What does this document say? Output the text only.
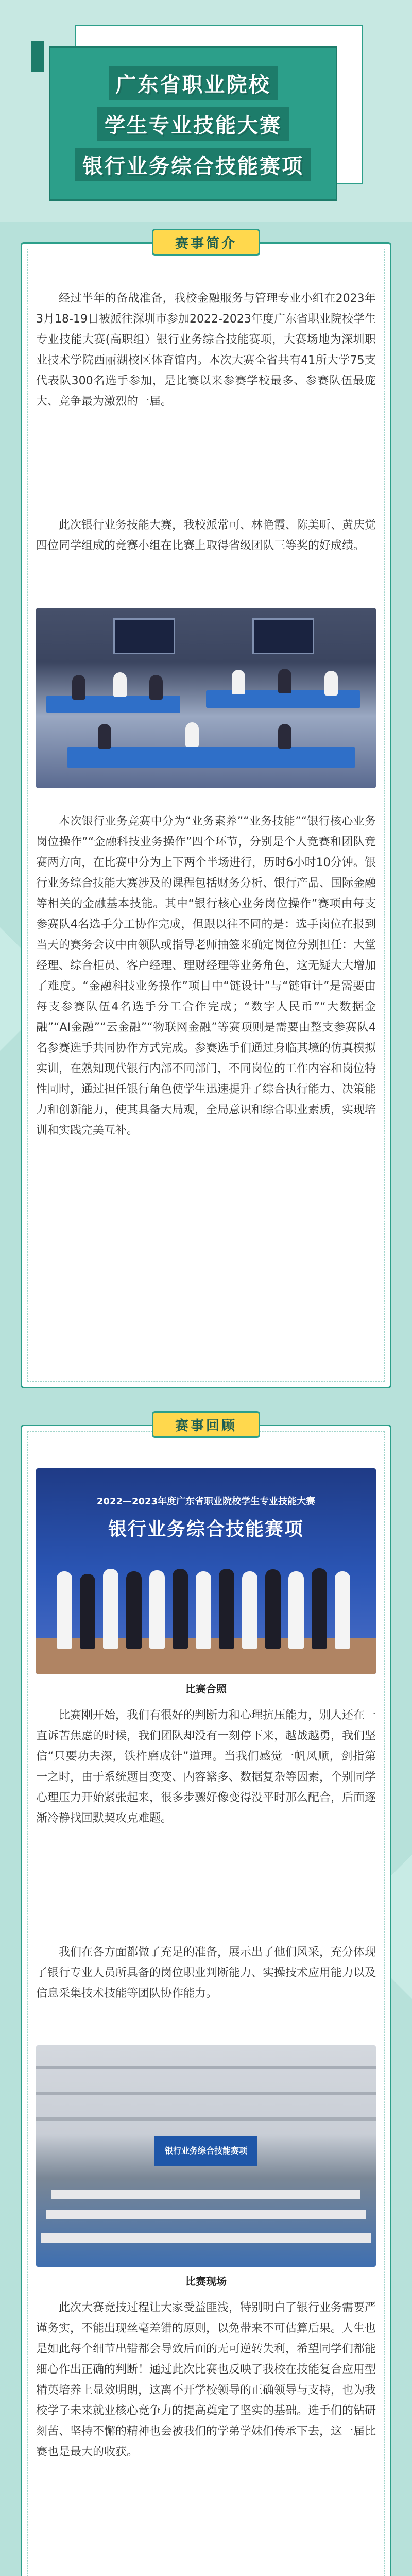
广东省职业院校
学生专业技能大赛
银行业务综合技能赛项
赛事简介
经过半年的备战准备，我校金融服务与管理专业小组在2023年3月18-19日被派往深圳市参加2022-2023年度广东省职业院校学生专业技能大赛(高职组）银行业务综合技能赛项，大赛场地为深圳职业技术学院西丽湖校区体育馆内。本次大赛全省共有41所大学75支代表队300名选手参加，是比赛以来参赛学校最多、参赛队伍最庞大、竞争最为激烈的一届。
此次银行业务技能大赛，我校派常可、林艳霞、陈美昕、黄庆觉四位同学组成的竞赛小组在比赛上取得省级团队三等奖的好成绩。
本次银行业务竞赛中分为“业务素养”“业务技能”“银行核心业务岗位操作”“金融科技业务操作”四个环节，分别是个人竞赛和团队竞赛两方向，在比赛中分为上下两个半场进行，历时6小时10分钟。银行业务综合技能大赛涉及的课程包括财务分析、银行产品、国际金融等相关的金融基本技能。其中“银行核心业务岗位操作”赛项由每支参赛队4名选手分工协作完成，但跟以往不同的是：选手岗位在报到当天的赛务会议中由领队或指导老师抽签来确定岗位分别担任：大堂经理、综合柜员、客户经理、理财经理等业务角色，这无疑大大增加了难度。“金融科技业务操作”项目中“链设计”与“链审计”是需要由每支参赛队伍4名选手分工合作完成；“数字人民币”“大数据金融”“AI金融”“云金融”“物联网金融”等赛项则是需要由整支参赛队4名参赛选手共同协作方式完成。参赛选手们通过身临其境的仿真模拟实训，在熟知现代银行内部不同部门，不同岗位的工作内容和岗位特性同时，通过担任银行角色使学生迅速提升了综合执行能力、决策能力和创新能力，使其具备大局观，全局意识和综合职业素质，实现培训和实践完美互补。
赛事回顾
2022—2023年度广东省职业院校学生专业技能大赛
银行业务综合技能赛项
比赛合照
比赛刚开始，我们有很好的判断力和心理抗压能力，别人还在一直诉苦焦虑的时候，我们团队却没有一刻停下来，越战越勇，我们坚信“只要功夫深，铁杵磨成针”道理。当我们感觉一帆风顺，剑指第一之时，由于系统题目变变、内容繁多、数据复杂等因素，个别同学心理压力开始紧张起来，很多步骤好像变得没平时那么配合，后面逐渐冷静找回默契攻克难题。
我们在各方面都做了充足的准备，展示出了他们风采，充分体现了银行专业人员所具备的岗位职业判断能力、实操技术应用能力以及信息采集技术技能等团队协作能力。
银行业务综合技能赛项
比赛现场
此次大赛竞技过程让大家受益匪浅，特别明白了银行业务需要严谨务实，不能出现丝毫差错的原则，以免带来不可估算后果。人生也是如此每个细节出错都会导致后面的无可逆转失利，希望同学们都能细心作出正确的判断！通过此次比赛也反映了我校在技能复合应用型精英培养上显效明朗，这离不开学校领导的正确领导与支持，也为我校学子未来就业核心竞争力的提高奠定了坚实的基础。选手们的钻研刻苦、坚持不懈的精神也会被我们的学弟学妹们传承下去，这一届比赛也是最大的收获。
